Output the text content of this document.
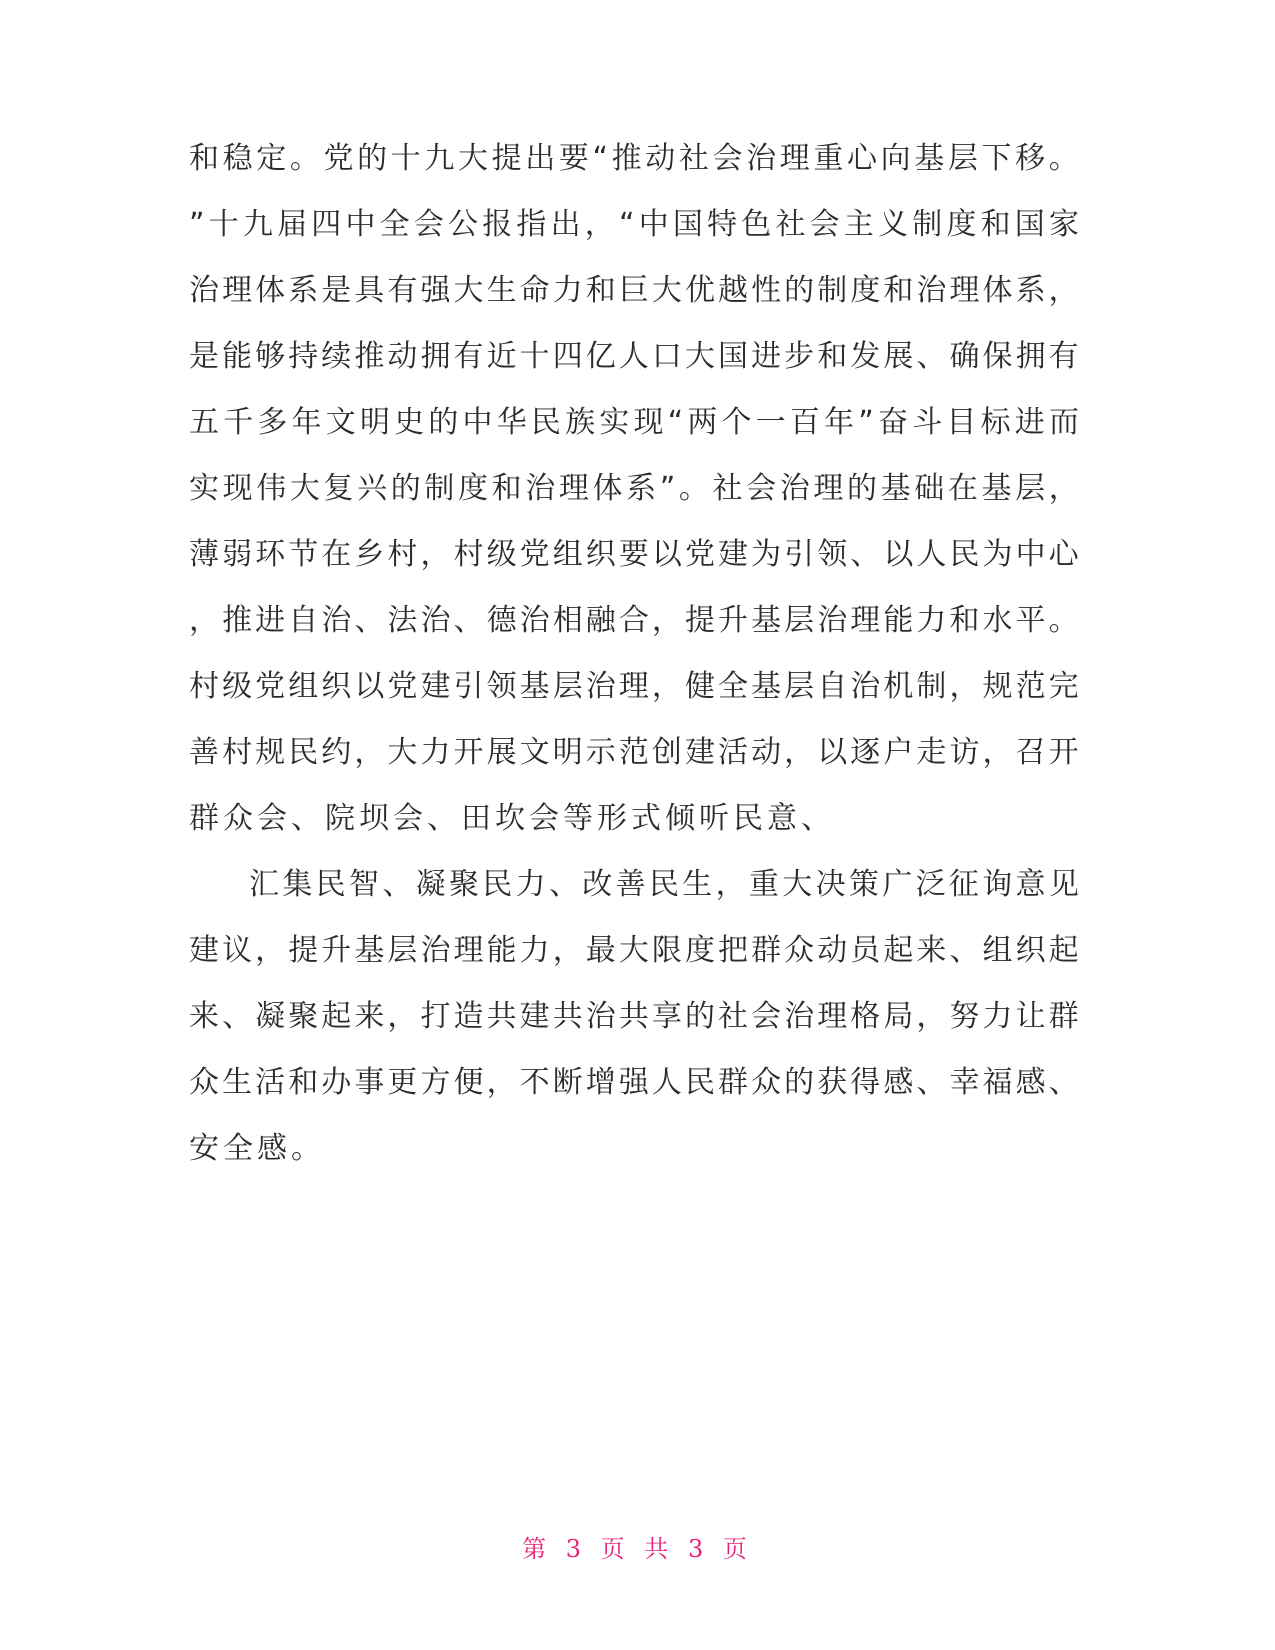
和 稳 定 。 党 的 十 九 大 提 出 要 “ 推 动 社 会 治 理 重 心 向 基 层 下 移 。
” 十 九 届 四 中 全 会 公 报 指 出 ， “ 中 国 特 色 社 会 主 义 制 度 和 国 家
治 理 体 系 是 具 有 强 大 生 命 力 和 巨 大 优 越 性 的 制 度 和 治 理 体 系 ，
是 能 够 持 续 推 动 拥 有 近 十 四 亿 人 口 大 国 进 步 和 发 展 、 确 保 拥 有
五 千 多 年 文 明 史 的 中 华 民 族 实 现 “ 两 个 一 百 年 ” 奋 斗 目 标 进 而
实 现 伟 大 复 兴 的 制 度 和 治 理 体 系 ” 。 社 会 治 理 的 基 础 在 基 层 ，
薄 弱 环 节 在 乡 村 ， 村 级 党 组 织 要 以 党 建 为 引 领 、 以 人 民 为 中 心
， 推 进 自 治 、 法 治 、 德 治 相 融 合 ， 提 升 基 层 治 理 能 力 和 水 平 。
村 级 党 组 织 以 党 建 引 领 基 层 治 理 ， 健 全 基 层 自 治 机 制 ， 规 范 完
善 村 规 民 约 ， 大 力 开 展 文 明 示 范 创 建 活 动 ， 以 逐 户 走 访 ， 召 开
群众会、院坝会、田坎会等形式倾听民意、
汇 集 民 智 、 凝 聚 民 力 、 改 善 民 生 ， 重 大 决 策 广 泛 征 询 意 见
建 议 ， 提 升 基 层 治 理 能 力 ， 最 大 限 度 把 群 众 动 员 起 来 、 组 织 起
来 、 凝 聚 起 来 ， 打 造 共 建 共 治 共 享 的 社 会 治 理 格 局 ， 努 力 让 群
众 生 活 和 办 事 更 方 便 ， 不 断 增 强 人 民 群 众 的 获 得 感 、 幸 福 感 、
安全感。
第 3 页 共 3 页
